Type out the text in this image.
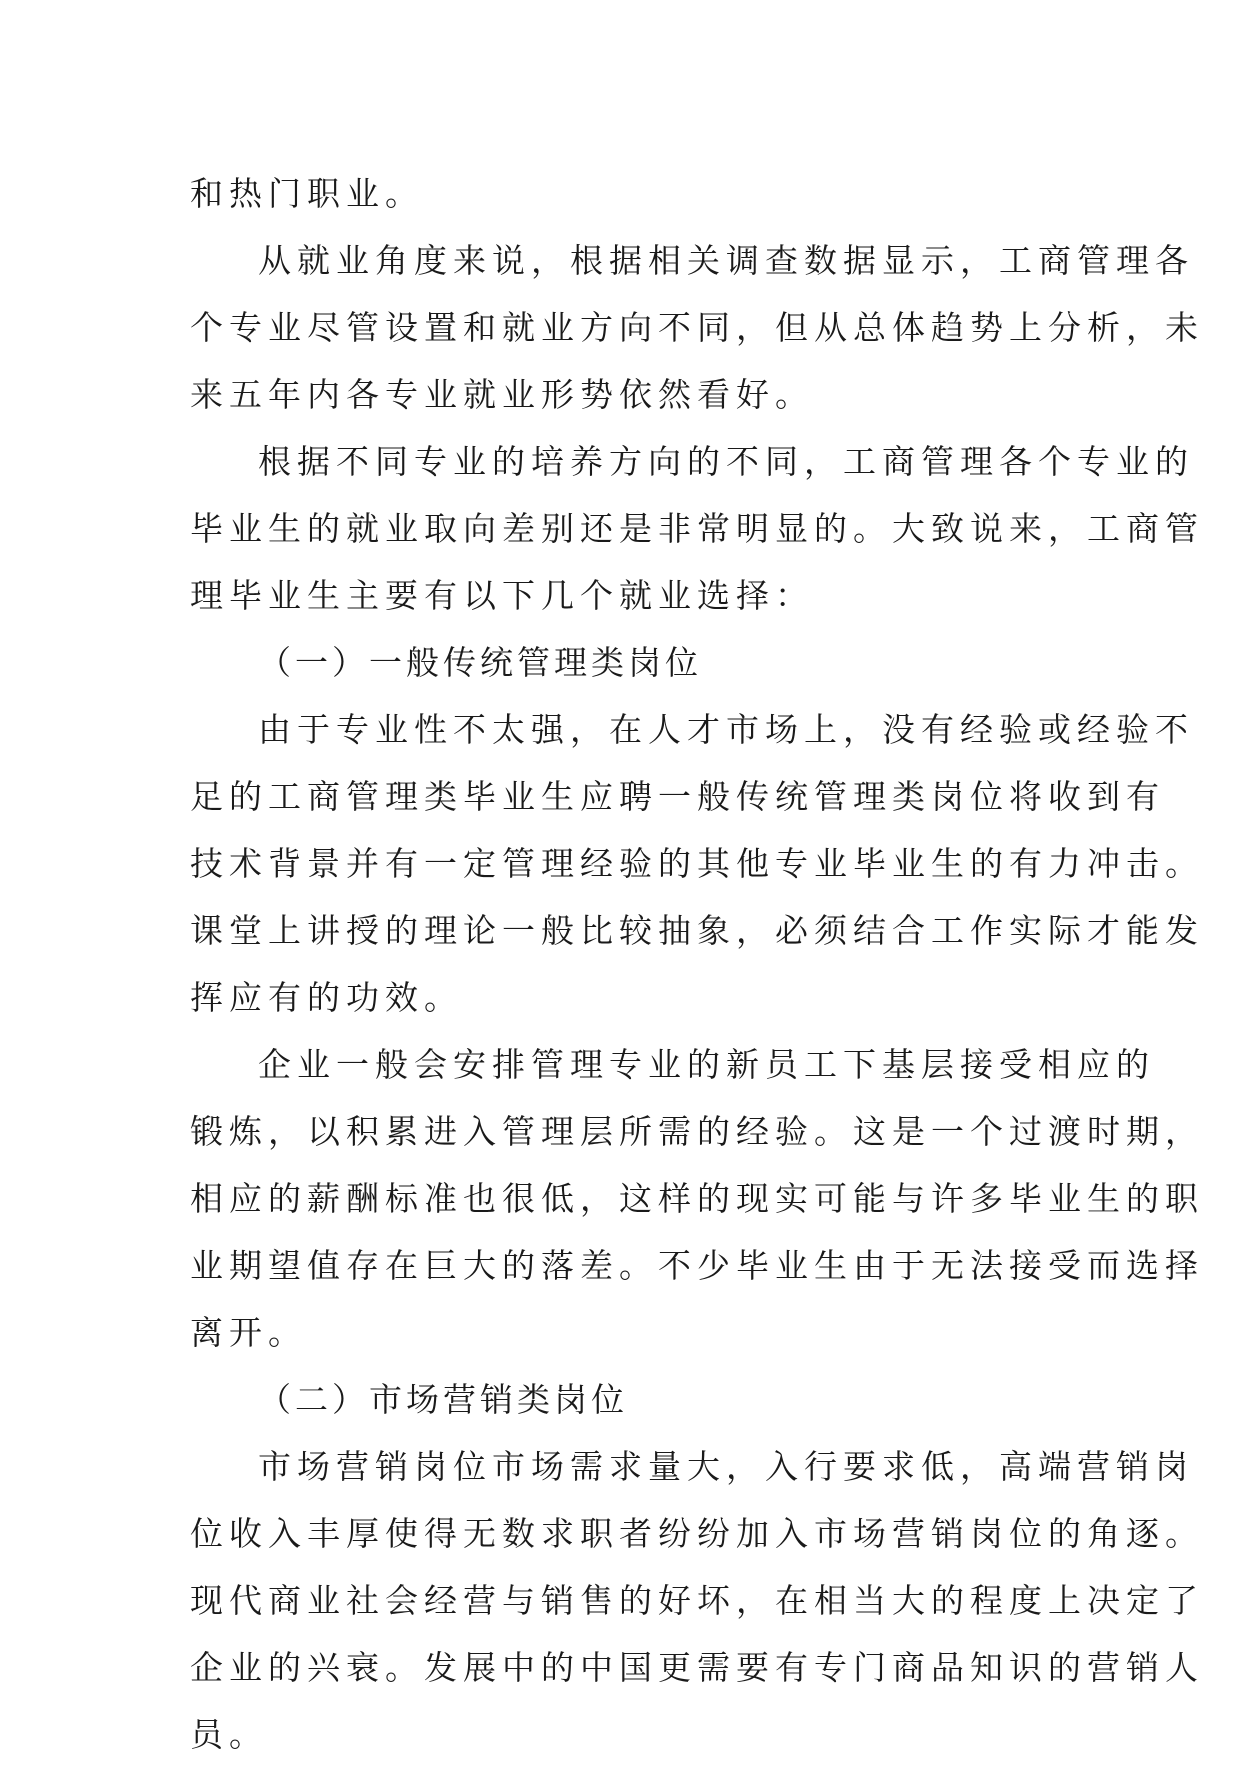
和热门职业。
从就业角度来说，根据相关调查数据显示，工商管理各
个专业尽管设置和就业方向不同，但从总体趋势上分析，未
来五年内各专业就业形势依然看好。
根据不同专业的培养方向的不同，工商管理各个专业的
毕业生的就业取向差别还是非常明显的。大致说来，工商管
理毕业生主要有以下几个就业选择：
（一）一般传统管理类岗位
由于专业性不太强，在人才市场上，没有经验或经验不
足的工商管理类毕业生应聘一般传统管理类岗位将收到有
技术背景并有一定管理经验的其他专业毕业生的有力冲击。
课堂上讲授的理论一般比较抽象，必须结合工作实际才能发
挥应有的功效。
企业一般会安排管理专业的新员工下基层接受相应的
锻炼，以积累进入管理层所需的经验。这是一个过渡时期，
相应的薪酬标准也很低，这样的现实可能与许多毕业生的职
业期望值存在巨大的落差。不少毕业生由于无法接受而选择
离开。
（二）市场营销类岗位
市场营销岗位市场需求量大，入行要求低，高端营销岗
位收入丰厚使得无数求职者纷纷加入市场营销岗位的角逐。
现代商业社会经营与销售的好坏，在相当大的程度上决定了
企业的兴衰。发展中的中国更需要有专门商品知识的营销人
员。
